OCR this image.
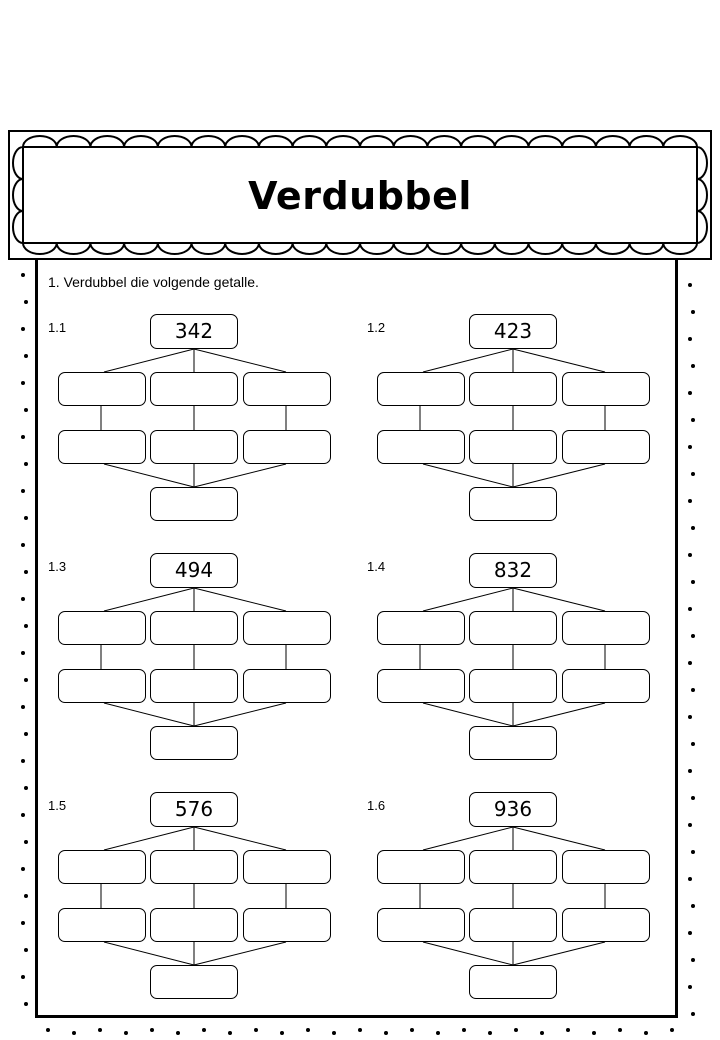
Verdubbel
1. Verdubbel die volgende getalle.
1.1	342	1.2	423
1.3	494	1.4	832
1.5	576	1.6	936
